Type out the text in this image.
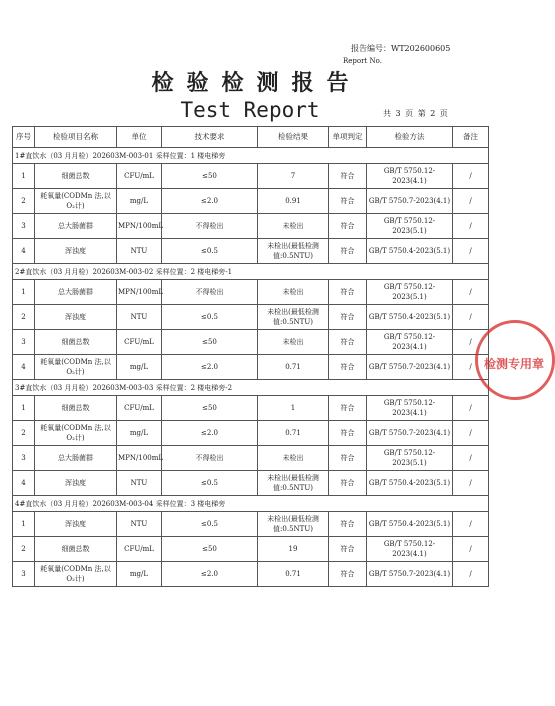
报告编号：WT202600605
Report No.
检验检测报告
Test Report	共 3 页 第 2 页
序号	检验项目名称	单位	技术要求	检验结果	单项判定	检验方法	备注
1#直饮水（03 月月检）202603M-003-01 采样位置：1 楼电梯旁							
1	细菌总数	CFU/mL	≤50	7	符合	GB/T 5750.12-2023(4.1)	/
2	耗氧量(CODMn 法,以 O₂计)	mg/L	≤2.0	0.91	符合	GB/T 5750.7-2023(4.1)	/
3	总大肠菌群	MPN/100mL	不得检出	未检出	符合	GB/T 5750.12-2023(5.1)	/
4	浑浊度	NTU	≤0.5	未检出(最低检测值:0.5NTU)	符合	GB/T 5750.4-2023(5.1)	/
2#直饮水（03 月月检）202603M-003-02 采样位置：2 楼电梯旁-1							
1	总大肠菌群	MPN/100mL	不得检出	未检出	符合	GB/T 5750.12-2023(5.1)	/
2	浑浊度	NTU	≤0.5	未检出(最低检测值:0.5NTU)	符合	GB/T 5750.4-2023(5.1)	/
3	细菌总数	CFU/mL	≤50	未检出	符合	GB/T 5750.12-2023(4.1)	/
4	耗氧量(CODMn 法,以 O₂计)	mg/L	≤2.0	0.71	符合	GB/T 5750.7-2023(4.1)	/
3#直饮水（03 月月检）202603M-003-03 采样位置：2 楼电梯旁-2							
1	细菌总数	CFU/mL	≤50	1	符合	GB/T 5750.12-2023(4.1)	/
2	耗氧量(CODMn 法,以 O₂计)	mg/L	≤2.0	0.71	符合	GB/T 5750.7-2023(4.1)	/
3	总大肠菌群	MPN/100mL	不得检出	未检出	符合	GB/T 5750.12-2023(5.1)	/
4	浑浊度	NTU	≤0.5	未检出(最低检测值:0.5NTU)	符合	GB/T 5750.4-2023(5.1)	/
4#直饮水（03 月月检）202603M-003-04 采样位置：3 楼电梯旁							
1	浑浊度	NTU	≤0.5	未检出(最低检测值:0.5NTU)	符合	GB/T 5750.4-2023(5.1)	/
2	细菌总数	CFU/mL	≤50	19	符合	GB/T 5750.12-2023(4.1)	/
3	耗氧量(CODMn 法,以 O₂计)	mg/L	≤2.0	0.71	符合	GB/T 5750.7-2023(4.1)	/
检测专用章
